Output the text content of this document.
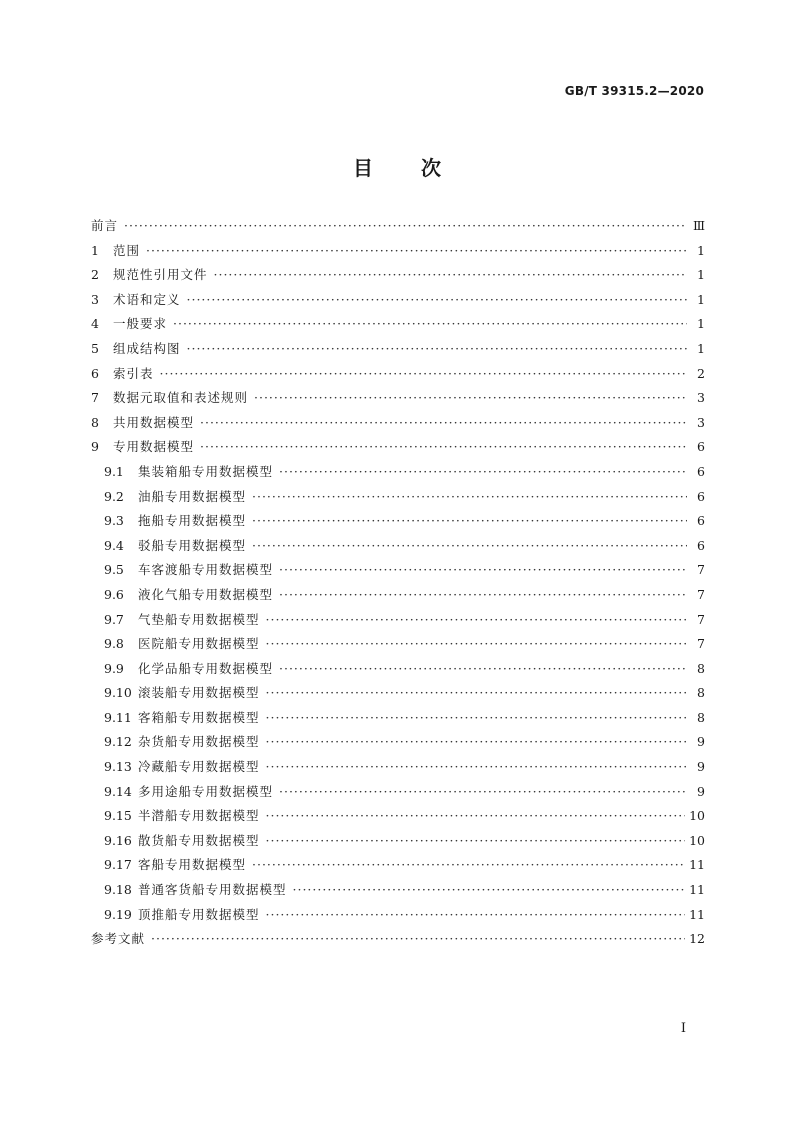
GB/T 39315.2—2020
目 次
前言 ·····	Ⅲ
1	范围 ·····	1
2	规范性引用文件 ·····	1
3	术语和定义 ·····	1
4	一般要求 ·····	1
5	组成结构图 ·····	1
6	索引表 ·····	2
7	数据元取值和表述规则 ·····	3
8	共用数据模型 ·····	3
9	专用数据模型 ·····	6
9.1	集装箱船专用数据模型 ·····	6
9.2	油船专用数据模型 ·····	6
9.3	拖船专用数据模型 ·····	6
9.4	驳船专用数据模型 ·····	6
9.5	车客渡船专用数据模型 ·····	7
9.6	液化气船专用数据模型 ·····	7
9.7	气垫船专用数据模型 ·····	7
9.8	医院船专用数据模型 ·····	7
9.9	化学品船专用数据模型 ·····	8
9.10 滚装船专用数据模型 ·····	8
9.11 客箱船专用数据模型 ·····	8
9.12 杂货船专用数据模型 ·····	9
9.13 冷藏船专用数据模型 ·····	9
9.14 多用途船专用数据模型 ·····	9
9.15 半潜船专用数据模型 ·····	10
9.16 散货船专用数据模型 ·····	10
9.17 客船专用数据模型 ·····	11
9.18 普通客货船专用数据模型 ·····	11
9.19 顶推船专用数据模型 ·····	11
参考文献 ·····	12
I
